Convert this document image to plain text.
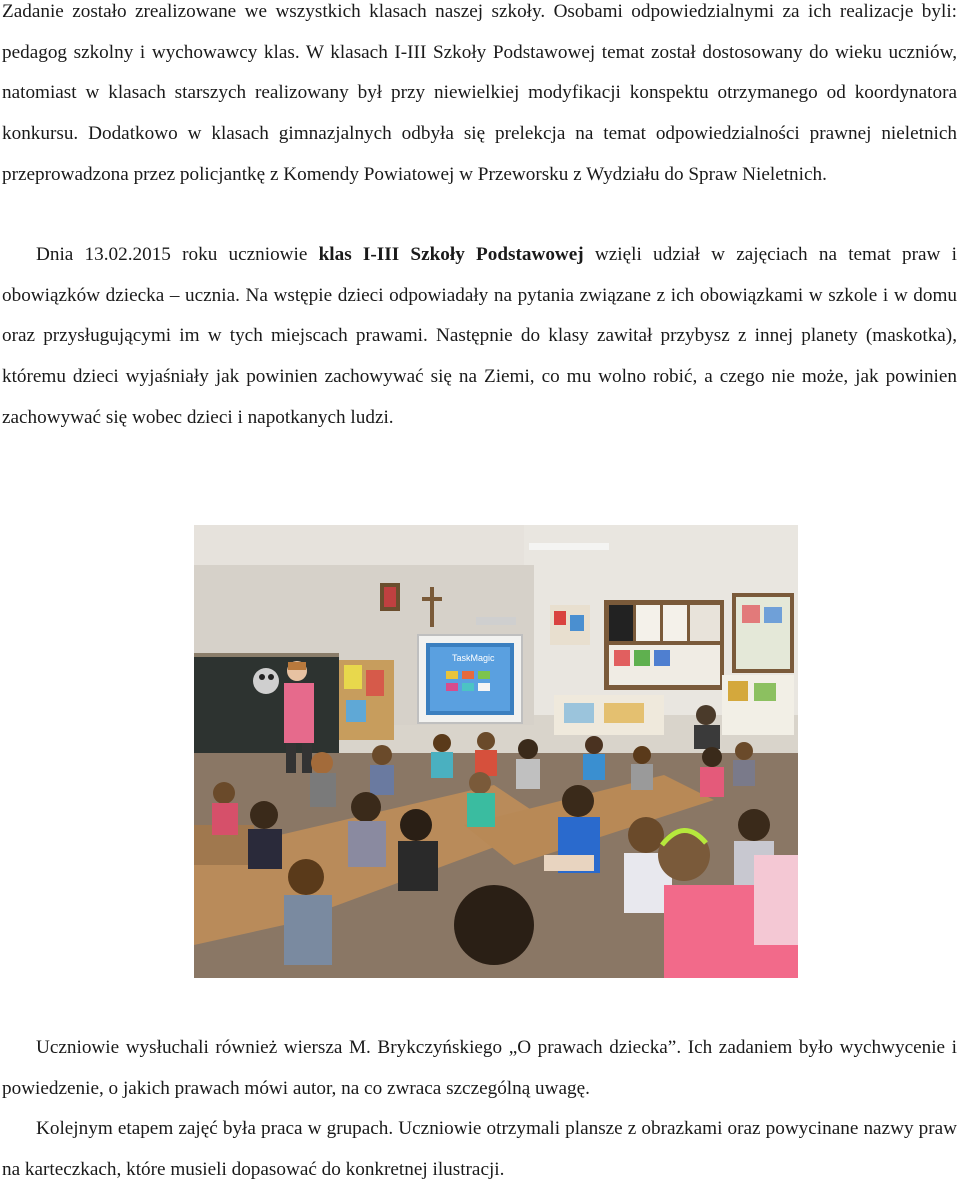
Zadanie zostało zrealizowane we wszystkich klasach naszej szkoły. Osobami odpowiedzialnymi za ich realizacje byli: pedagog szkolny i wychowawcy klas. W klasach I-III Szkoły Podstawowej temat został dostosowany do wieku uczniów, natomiast w klasach starszych realizowany był przy niewielkiej modyfikacji konspektu otrzymanego od koordynatora konkursu. Dodatkowo w klasach gimnazjalnych odbyła się prelekcja na temat odpowiedzialności prawnej nieletnich przeprowadzona przez policjantkę z Komendy Powiatowej w Przeworsku z Wydziału do Spraw Nieletnich.

Dnia 13.02.2015 roku uczniowie klas I-III Szkoły Podstawowej wzięli udział w zajęciach na temat praw i obowiązków dziecka – ucznia. Na wstępie dzieci odpowiadały na pytania związane z ich obowiązkami w szkole i w domu oraz przysługującymi im w tych miejscach prawami. Następnie do klasy zawitał przybysz z innej planety (maskotka), któremu dzieci wyjaśniały jak powinien zachowywać się na Ziemi, co mu wolno robić, a czego nie może, jak powinien zachowywać się wobec dzieci i napotkanych ludzi.

TaskMagic

Uczniowie wysłuchali również wiersza M. Brykczyńskiego „O prawach dziecka”. Ich zadaniem było wychwycenie i powiedzenie, o jakich prawach mówi autor, na co zwraca szczególną uwagę.

Kolejnym etapem zajęć była praca w grupach. Uczniowie otrzymali plansze z obrazkami oraz powycinane nazwy praw na karteczkach, które musieli dopasować do konkretnej ilustracji.
